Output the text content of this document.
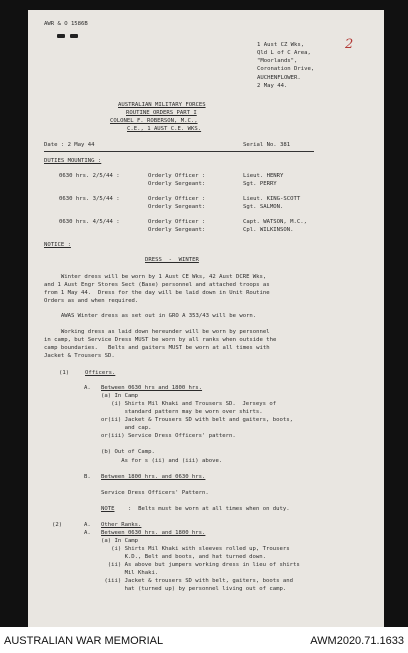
AWR & O 1586B
2
1 Aust CZ Wks,
Qld L of C Area,
"Moorlands",
Coronation Drive,
AUCHENFLOWER.
2 May 44.
AUSTRALIAN MILITARY FORCES
ROUTINE ORDERS PART I
COLONEL F. ROBERSON, M.C.,
C.E., 1 AUST C.E. WKS.
Date : 2 May 44	Serial No. 381
DUTIES MOUNTING :
0630 hrs. 2/5/44 :	Orderly Officer :	Lieut. HENRY
Orderly Sergeant:	Sgt. PERRY
0630 hrs. 3/5/44 :	Orderly Officer :	Lieut. KING-SCOTT
Orderly Sergeant:	Sgt. SALMON.
0630 hrs. 4/5/44 :	Orderly Officer :	Capt. WATSON, M.C.,
Orderly Sergeant:	Cpl. WILKINSON.
NOTICE :
DRESS  -  WINTER
Winter dress will be worn by 1 Aust CE Wks, 42 Aust DCRE Wks,
and 1 Aust Engr Stores Sect (Base) personnel and attached troops as
from 1 May 44.  Dress for the day will be laid down in Unit Routine
Orders as and when required.
AWAS Winter dress as set out in GRO A 353/43 will be worn.
Working dress as laid down hereunder will be worn by personnel
in camp, but Service Dress MUST be worn by all ranks when outside the
camp boundaries.   Belts and gaiters MUST be worn at all times with
Jacket & Trousers SD.
(1)	Officers.
A. Between 0630 hrs and 1800 hrs.
(a) In Camp
(i) Shirts Mil Khaki and Trousers SD.  Jerseys of
standard pattern may be worn over shirts.
or(ii) Jacket & Trousers SD with belt and gaiters, boots,
and cap.
or(iii) Service Dress Officers' pattern.
(b) Out of Camp.
As for s (ii) and (iii) above.
B. Between 1800 hrs. and 0630 hrs.
Service Dress Officers' Pattern.
NOTE :  Belts must be worn at all times when on duty.
(2)	A. Other Ranks.
A. Between 0630 hrs. and 1800 hrs.
(a) In Camp
(i) Shirts Mil Khaki with sleeves rolled up, Trousers
K.D., Belt and boots, and hat turned down.
(ii) As above but jumpers working dress in lieu of shirts
Mil Khaki.
(iii) Jacket & trousers SD with belt, gaiters, boots and
hat (turned up) by personnel living out of camp.
AUSTRALIAN WAR MEMORIAL	AWM2020.71.1633
